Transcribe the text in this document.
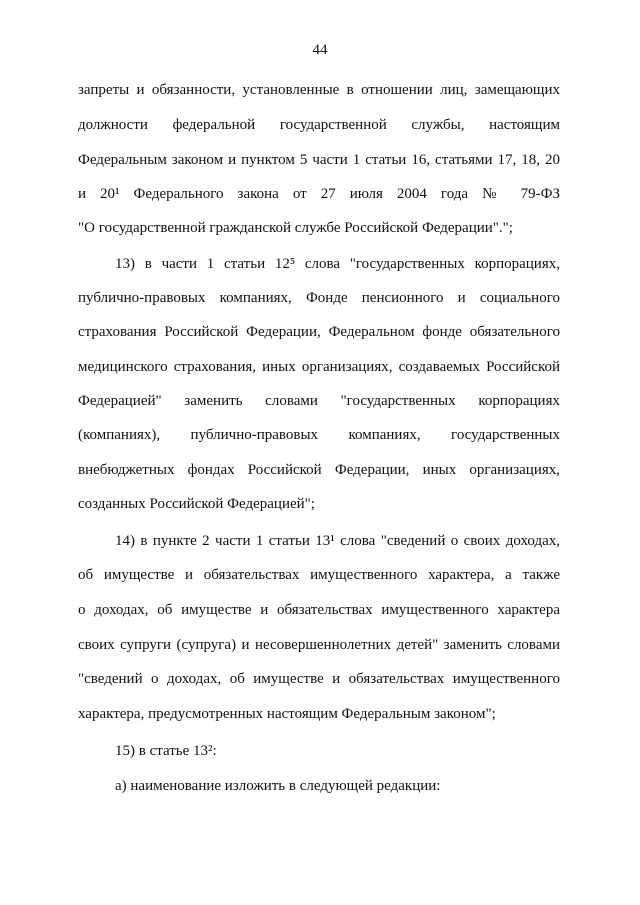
44
запреты и обязанности, установленные в отношении лиц, замещающих
должности федеральной государственной службы, настоящим
Федеральным законом и пунктом 5 части 1 статьи 16, статьями 17, 18, 20
и 20¹ Федерального закона от 27 июля 2004 года № 79-ФЗ
"О государственной гражданской службе Российской Федерации".";
13) в части 1 статьи 12⁵ слова "государственных корпорациях,
публично-правовых компаниях, Фонде пенсионного и социального
страхования Российской Федерации, Федеральном фонде обязательного
медицинского страхования, иных организациях, создаваемых Российской
Федерацией" заменить словами "государственных корпорациях
(компаниях), публично-правовых компаниях, государственных
внебюджетных фондах Российской Федерации, иных организациях,
созданных Российской Федерацией";
14) в пункте 2 части 1 статьи 13¹ слова "сведений о своих доходах,
об имуществе и обязательствах имущественного характера, а также
о доходах, об имуществе и обязательствах имущественного характера
своих супруги (супруга) и несовершеннолетних детей" заменить словами
"сведений о доходах, об имуществе и обязательствах имущественного
характера, предусмотренных настоящим Федеральным законом";
15) в статье 13²:
а) наименование изложить в следующей редакции:
